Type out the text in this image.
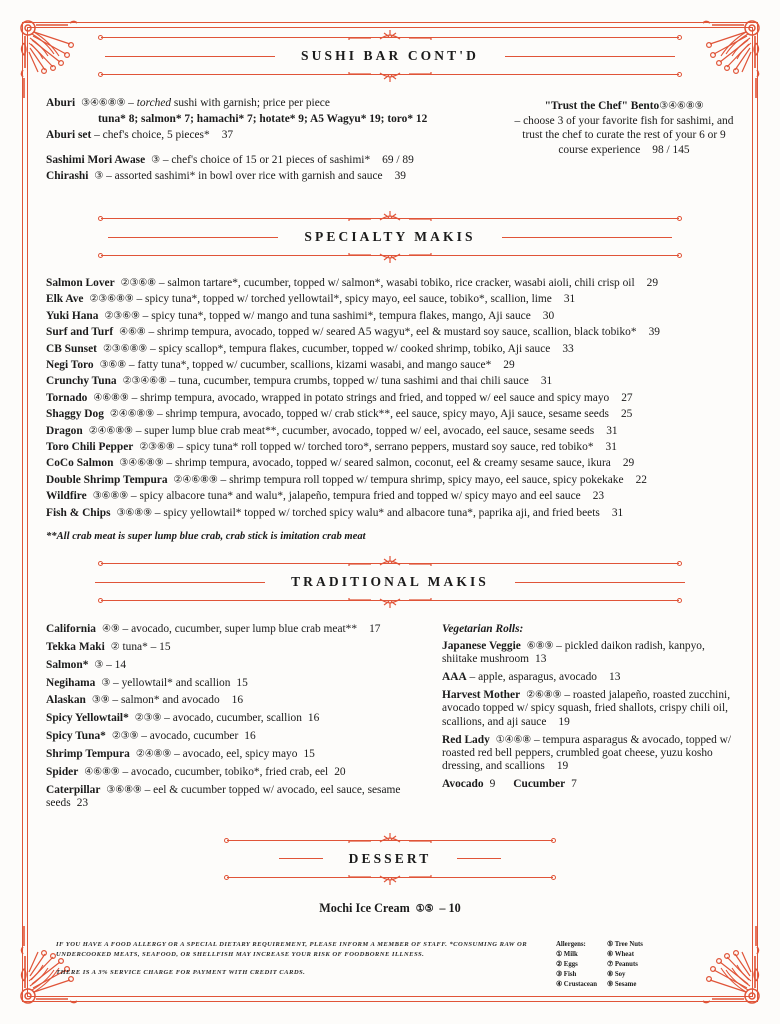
SUSHI BAR CONT'D
Aburi ③④⑥⑧⑨ – torched sushi with garnish; price per piece
tuna* 8; salmon* 7; hamachi* 7; hotate* 9; A5 Wagyu* 19; toro* 12
Aburi set – chef's choice, 5 pieces* 37
Sashimi Mori Awase ③ – chef's choice of 15 or 21 pieces of sashimi* 69 / 89
Chirashi ③ – assorted sashimi* in bowl over rice with garnish and sauce 39
"Trust the Chef" Bento③④⑥⑧⑨
– choose 3 of your favorite fish for sashimi, and trust the chef to curate the rest of your 6 or 9 course experience 98 / 145
SPECIALTY MAKIS
Salmon Lover ②③⑥⑧ – salmon tartare*, cucumber, topped w/ salmon*, wasabi tobiko, rice cracker, wasabi aioli, chili crisp oil 29
Elk Ave ②③⑥⑧⑨ – spicy tuna*, topped w/ torched yellowtail*, spicy mayo, eel sauce, tobiko*, scallion, lime 31
Yuki Hana ②③⑥⑨ – spicy tuna*, topped w/ mango and tuna sashimi*, tempura flakes, mango, Aji sauce 30
Surf and Turf ④⑥⑧ – shrimp tempura, avocado, topped w/ seared A5 wagyu*, eel & mustard soy sauce, scallion, black tobiko* 39
CB Sunset ②③⑥⑧⑨ – spicy scallop*, tempura flakes, cucumber, topped w/ cooked shrimp, tobiko, Aji sauce 33
Negi Toro ③⑥⑧ – fatty tuna*, topped w/ cucumber, scallions, kizami wasabi, and mango sauce* 29
Crunchy Tuna ②③④⑥⑧ – tuna, cucumber, tempura crumbs, topped w/ tuna sashimi and thai chili sauce 31
Tornado ④⑥⑧⑨ – shrimp tempura, avocado, wrapped in potato strings and fried, and topped w/ eel sauce and spicy mayo 27
Shaggy Dog ②④⑥⑧⑨ – shrimp tempura, avocado, topped w/ crab stick**, eel sauce, spicy mayo, Aji sauce, sesame seeds 25
Dragon ②④⑥⑧⑨ – super lump blue crab meat**, cucumber, avocado, topped w/ eel, avocado, eel sauce, sesame seeds 31
Toro Chili Pepper ②③⑥⑧ – spicy tuna* roll topped w/ torched toro*, serrano peppers, mustard soy sauce, red tobiko* 31
CoCo Salmon ③④⑥⑧⑨ – shrimp tempura, avocado, topped w/ seared salmon, coconut, eel & creamy sesame sauce, ikura 29
Double Shrimp Tempura ②④⑥⑧⑨ – shrimp tempura roll topped w/ tempura shrimp, spicy mayo, eel sauce, spicy pokekake 22
Wildfire ③⑥⑧⑨ – spicy albacore tuna* and walu*, jalapeño, tempura fried and topped w/ spicy mayo and eel sauce 23
Fish & Chips ③⑥⑧⑨ – spicy yellowtail* topped w/ torched spicy walu* and albacore tuna*, paprika aji, and fried beets 31
**All crab meat is super lump blue crab, crab stick is imitation crab meat
TRADITIONAL MAKIS
California ④⑨ – avocado, cucumber, super lump blue crab meat** 17
Tekka Maki ② tuna* – 15
Salmon* ③ – 14
Negihama ③ – yellowtail* and scallion 15
Alaskan ③⑨ – salmon* and avocado 16
Spicy Yellowtail* ②③⑨ – avocado, cucumber, scallion 16
Spicy Tuna* ②③⑨ – avocado, cucumber 16
Shrimp Tempura ②④⑧⑨ – avocado, eel, spicy mayo 15
Spider ④⑥⑧⑨ – avocado, cucumber, tobiko*, fried crab, eel 20
Caterpillar ③⑥⑧⑨ – eel & cucumber topped w/ avocado, eel sauce, sesame seeds 23
Vegetarian Rolls:
Japanese Veggie ⑥⑧⑨ – pickled daikon radish, kanpyo, shiitake mushroom 13
AAA – apple, asparagus, avocado 13
Harvest Mother ②⑥⑧⑨ – roasted jalapeño, roasted zucchini, avocado topped w/ spicy squash, fried shallots, crispy chili oil, scallions, and aji sauce 19
Red Lady ①④⑥⑧ – tempura asparagus & avocado, topped w/ roasted red bell peppers, crumbled goat cheese, yuzu kosho dressing, and scallions 19
Avocado 9 Cucumber 7
DESSERT
Mochi Ice Cream ①⑤ – 10

IF YOU HAVE A FOOD ALLERGY OR A SPECIAL DIETARY REQUIREMENT, PLEASE INFORM A MEMBER OF STAFF. *CONSUMING RAW OR UNDERCOOKED MEATS, SEAFOOD, OR SHELLFISH MAY INCREASE YOUR RISK OF FOODBORNE ILLNESS.

THERE IS A 3% SERVICE CHARGE FOR PAYMENT WITH CREDIT CARDS.

Allergens:
① Milk
② Eggs
③ Fish
④ Crustacean
⑤ Tree Nuts
⑥ Wheat
⑦ Peanuts
⑧ Soy
⑨ Sesame
